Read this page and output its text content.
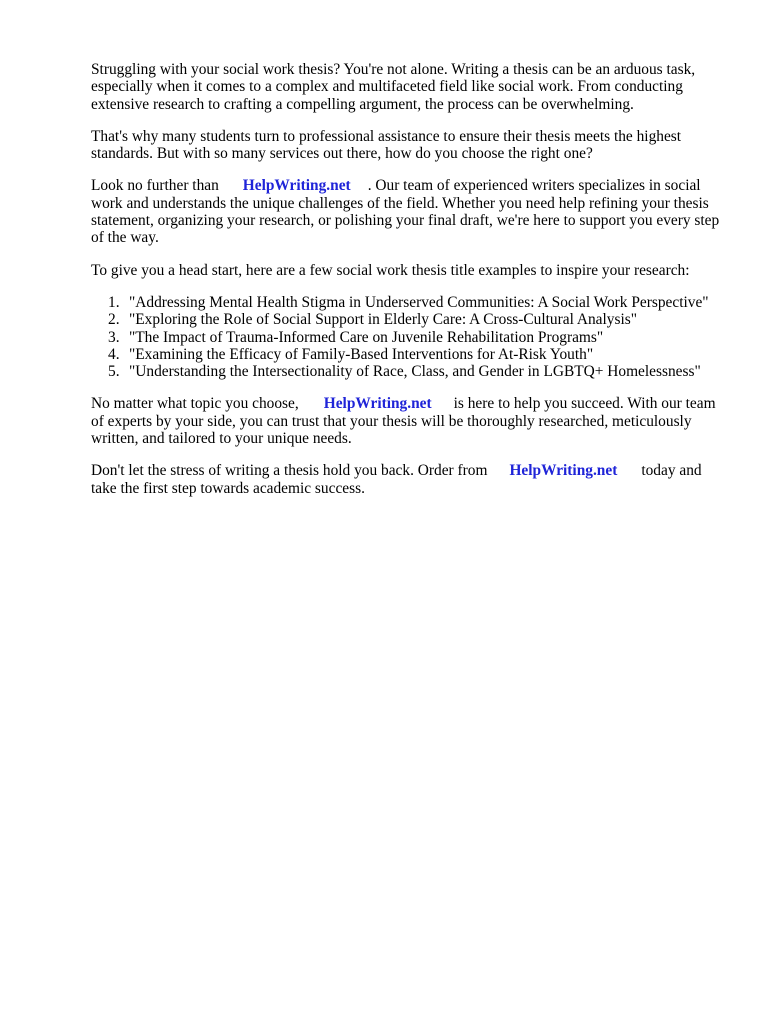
Struggling with your social work thesis? You're not alone. Writing a thesis can be an arduous task, especially when it comes to a complex and multifaceted field like social work. From conducting extensive research to crafting a compelling argument, the process can be overwhelming.

That's why many students turn to professional assistance to ensure their thesis meets the highest standards. But with so many services out there, how do you choose the right one?

Look no further than HelpWriting.net . Our team of experienced writers specializes in social work and understands the unique challenges of the field. Whether you need help refining your thesis statement, organizing your research, or polishing your final draft, we're here to support you every step of the way.

To give you a head start, here are a few social work thesis title examples to inspire your research:

1. "Addressing Mental Health Stigma in Underserved Communities: A Social Work Perspective"
2. "Exploring the Role of Social Support in Elderly Care: A Cross-Cultural Analysis"
3. "The Impact of Trauma-Informed Care on Juvenile Rehabilitation Programs"
4. "Examining the Efficacy of Family-Based Interventions for At-Risk Youth"
5. "Understanding the Intersectionality of Race, Class, and Gender in LGBTQ+ Homelessness"

No matter what topic you choose, HelpWriting.net is here to help you succeed. With our team of experts by your side, you can trust that your thesis will be thoroughly researched, meticulously written, and tailored to your unique needs.

Don't let the stress of writing a thesis hold you back. Order from HelpWriting.net today and take the first step towards academic success.
